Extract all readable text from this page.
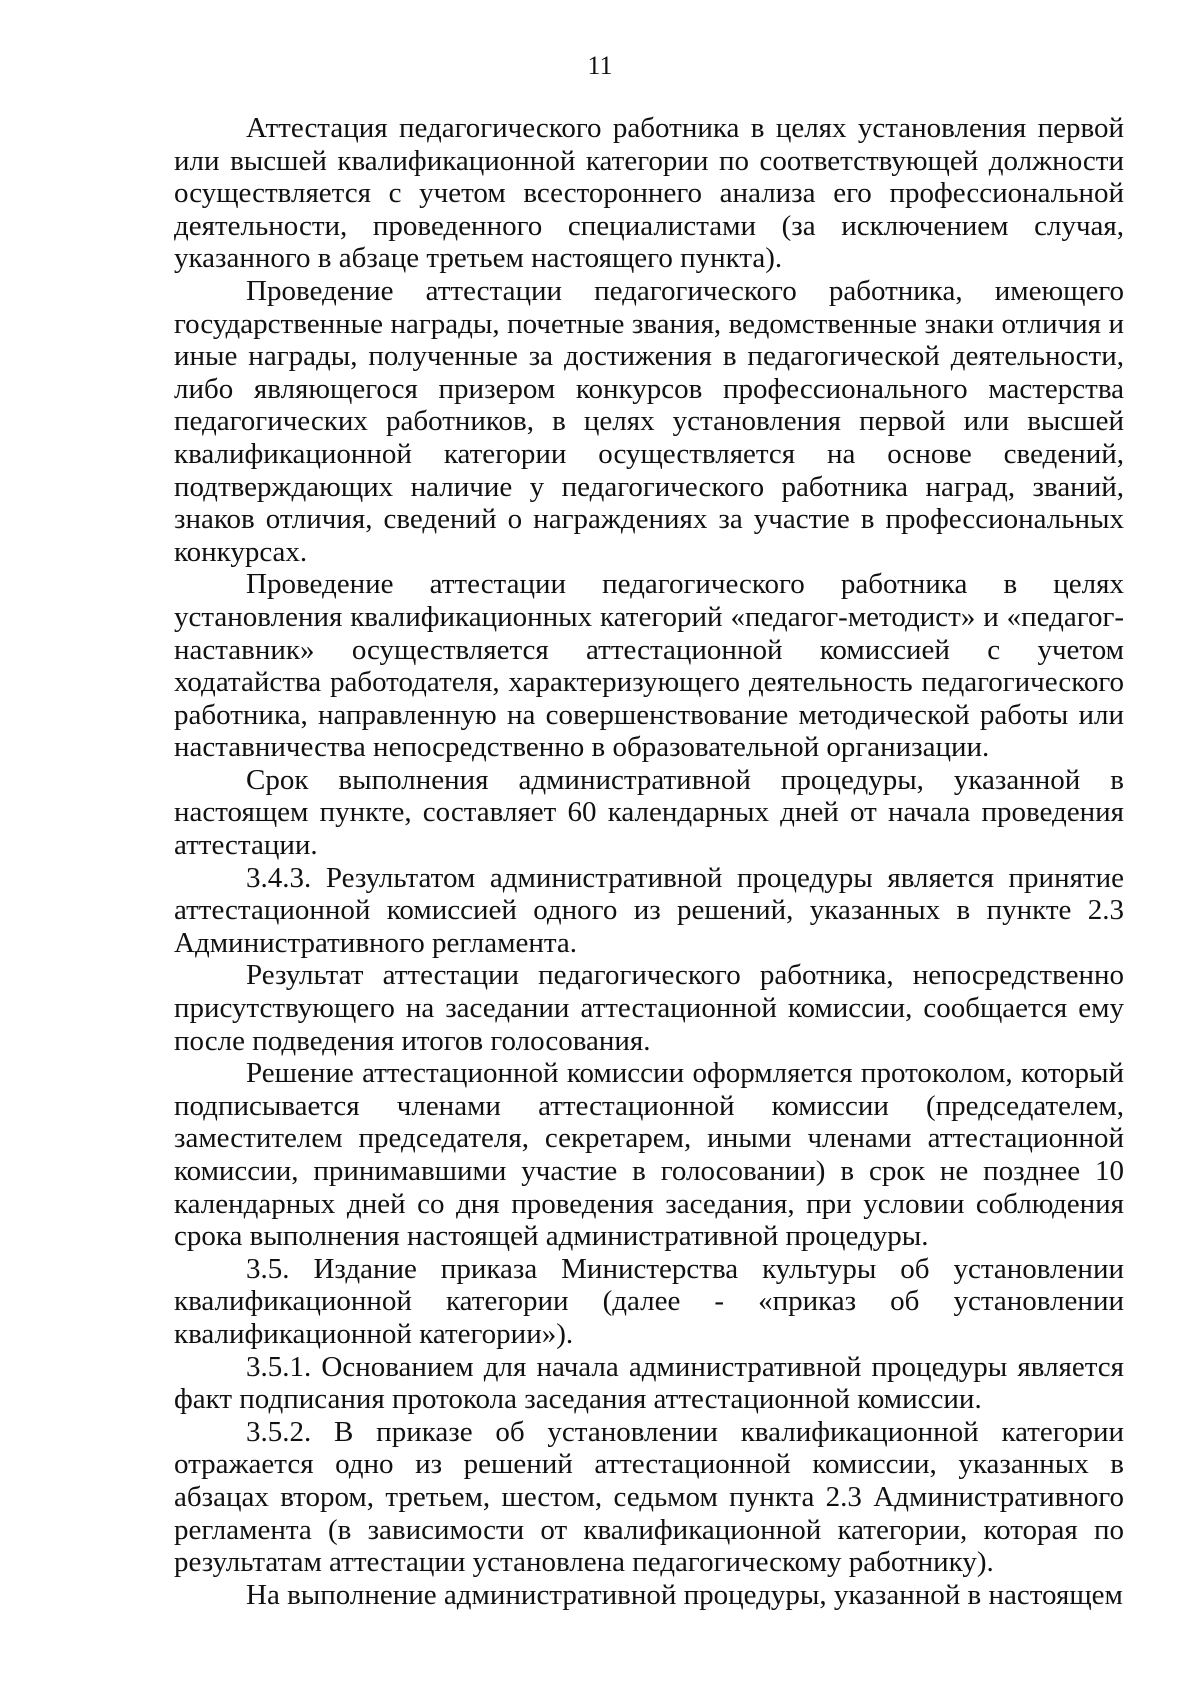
11

Аттестация педагогического работника в целях установления первой или высшей квалификационной категории по соответствующей должности осуществляется с учетом всестороннего анализа его профессиональной деятельности, проведенного специалистами (за исключением случая, указанного в абзаце третьем настоящего пункта).

Проведение аттестации педагогического работника, имеющего государственные награды, почетные звания, ведомственные знаки отличия и иные награды, полученные за достижения в педагогической деятельности, либо являющегося призером конкурсов профессионального мастерства педагогических работников, в целях установления первой или высшей квалификационной категории осуществляется на основе сведений, подтверждающих наличие у педагогического работника наград, званий, знаков отличия, сведений о награждениях за участие в профессиональных конкурсах.

Проведение аттестации педагогического работника в целях установления квалификационных категорий «педагог-методист» и «педагог-наставник» осуществляется аттестационной комиссией с учетом ходатайства работодателя, характеризующего деятельность педагогического работника, направленную на совершенствование методической работы или наставничества непосредственно в образовательной организации.

Срок выполнения административной процедуры, указанной в настоящем пункте, составляет 60 календарных дней от начала проведения аттестации.

3.4.3. Результатом административной процедуры является принятие аттестационной комиссией одного из решений, указанных в пункте 2.3 Административного регламента.

Результат аттестации педагогического работника, непосредственно присутствующего на заседании аттестационной комиссии, сообщается ему после подведения итогов голосования.

Решение аттестационной комиссии оформляется протоколом, который подписывается членами аттестационной комиссии (председателем, заместителем председателя, секретарем, иными членами аттестационной комиссии, принимавшими участие в голосовании) в срок не позднее 10 календарных дней со дня проведения заседания, при условии соблюдения срока выполнения настоящей административной процедуры.

3.5. Издание приказа Министерства культуры об установлении квалификационной категории (далее - «приказ об установлении квалификационной категории»).

3.5.1. Основанием для начала административной процедуры является факт подписания протокола заседания аттестационной комиссии.

3.5.2. В приказе об установлении квалификационной категории отражается одно из решений аттестационной комиссии, указанных в абзацах втором, третьем, шестом, седьмом пункта 2.3 Административного регламента (в зависимости от квалификационной категории, которая по результатам аттестации установлена педагогическому работнику).

На выполнение административной процедуры, указанной в настоящем
